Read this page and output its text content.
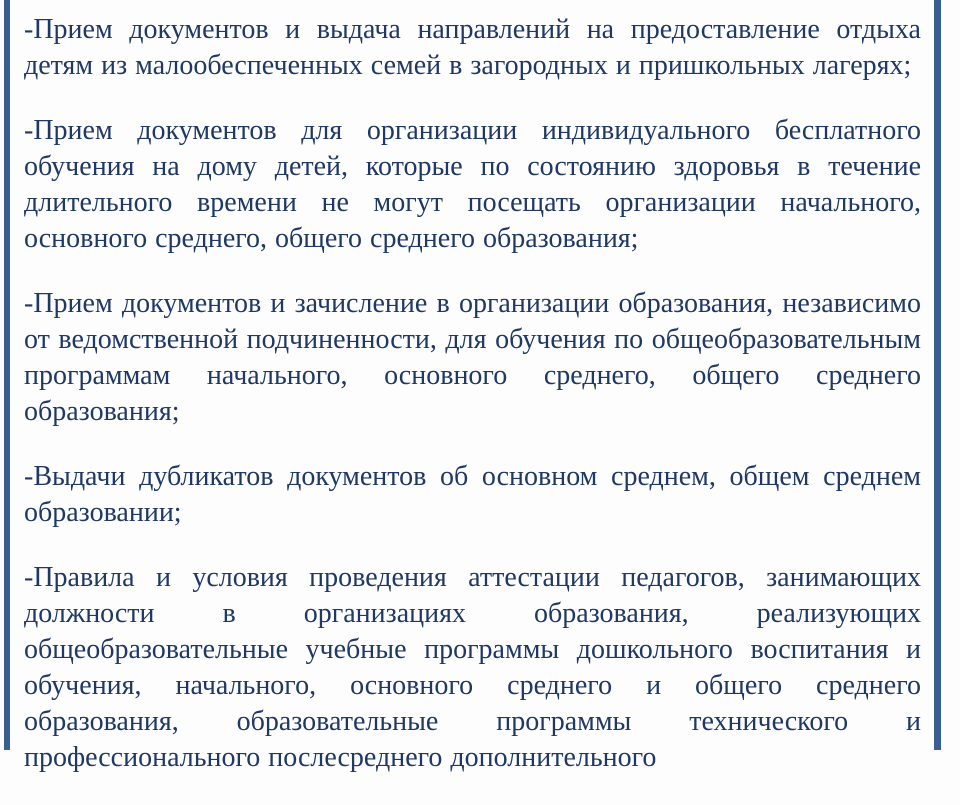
-Прием документов и выдача направлений на предоставление отдыха детям из малообеспеченных семей в загородных и пришкольных лагерях;

-Прием документов для организации индивидуального бесплатного обучения на дому детей, которые по состоянию здоровья в течение длительного времени не могут посещать организации начального, основного среднего, общего среднего образования;

-Прием документов и зачисление в организации образования, независимо от ведомственной подчиненности, для обучения по общеобразовательным программам начального, основного среднего, общего среднего образования;

-Выдачи дубликатов документов об основном среднем, общем среднем образовании;

-Правила и условия проведения аттестации педагогов, занимающих должности в организациях образования, реализующих общеобразовательные учебные программы дошкольного воспитания и обучения, начального, основного среднего и общего среднего образования, образовательные программы технического и профессионального послесреднего дополнительного
